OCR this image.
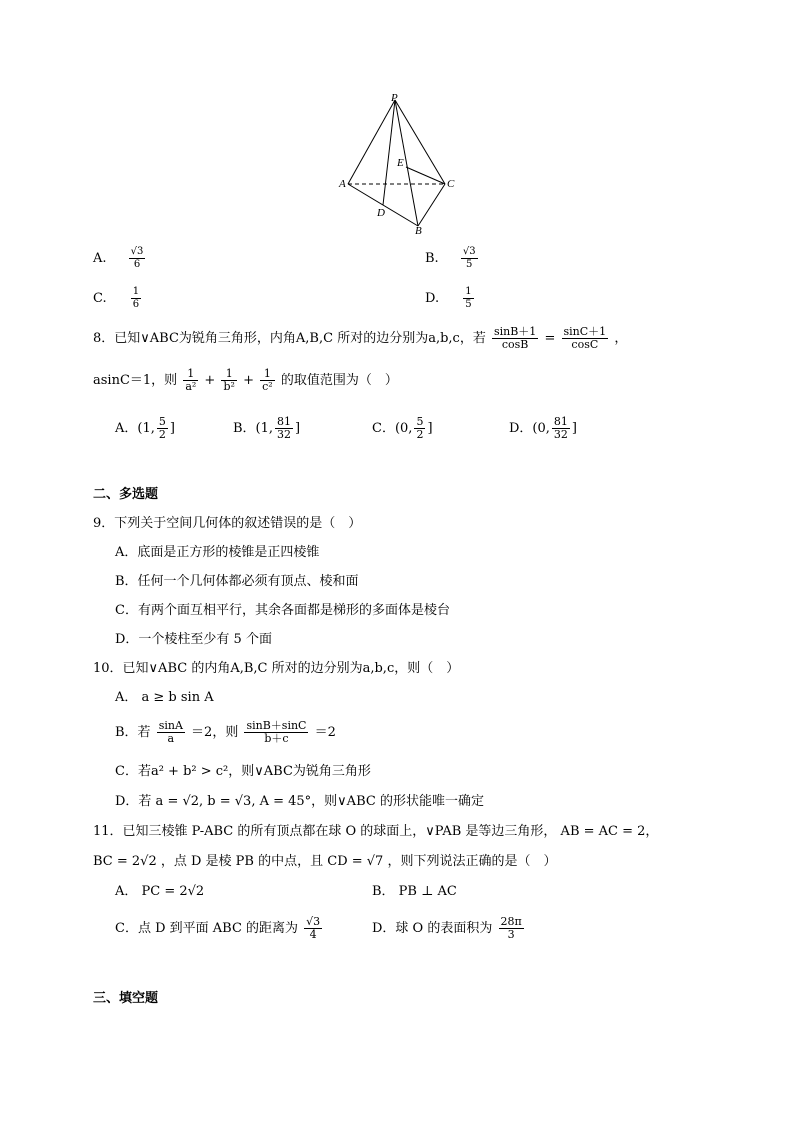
P
E
A	C
D
B
A. $\frac{√3}{6}$	B. $\frac{√3}{5}$
C. $\frac{1}{6}$	D. $\frac{1}{5}$
8．已知∨ABC为锐角三角形，内角A,B,C 所对的边分别为a,b,c，若 $\frac{\sin B+1}{\cos B} = \frac{\sin C+1}{\cos C}$ ，
asinC＝1，则 $\frac{1}{\text{a²}} + \frac{1}{\text{b²}} + \frac{1}{\text{c²}}$ 的取值范围为（　）
A．(1, $\frac{5}{2}$ ]	B．(1, $\frac{81}{32}$ ]	C．(0, $\frac{5}{2}$ ]	D．(0, $\frac{81}{32}$ ]
二、多选题
9．下列关于空间几何体的叙述错误的是（　）
A．底面是正方形的棱锥是正四棱锥
B．任何一个几何体都必须有顶点、棱和面
C．有两个面互相平行，其余各面都是梯形的多面体是棱台
D．一个棱柱至少有 5 个面
10．已知∨ABC 的内角A,B,C 所对的边分别为a,b,c，则（　）
A． a ≥ b sin A
B．若 $\frac{\sin A}{a} =2$，则 $\frac{\sin B+\sin C}{b+c} =2$
C．若a² + b² > c²，则∨ABC为锐角三角形
D．若 a = √2, b = √3, A = 45°，则∨ABC 的形状能唯一确定
11．已知三棱锥 P-ABC 的所有顶点都在球 O 的球面上，∨PAB 是等边三角形， AB = AC = 2，
BC = 2√2 ，点 D 是棱 PB 的中点，且 CD = √7 ，则下列说法正确的是（　）
A． PC = 2√2	B． PB ⊥ AC
C．点 D 到平面 ABC 的距离为 $\frac{√3}{4}$	D．球 O 的表面积为 $\frac{28\pi}{3}$
三、填空题
